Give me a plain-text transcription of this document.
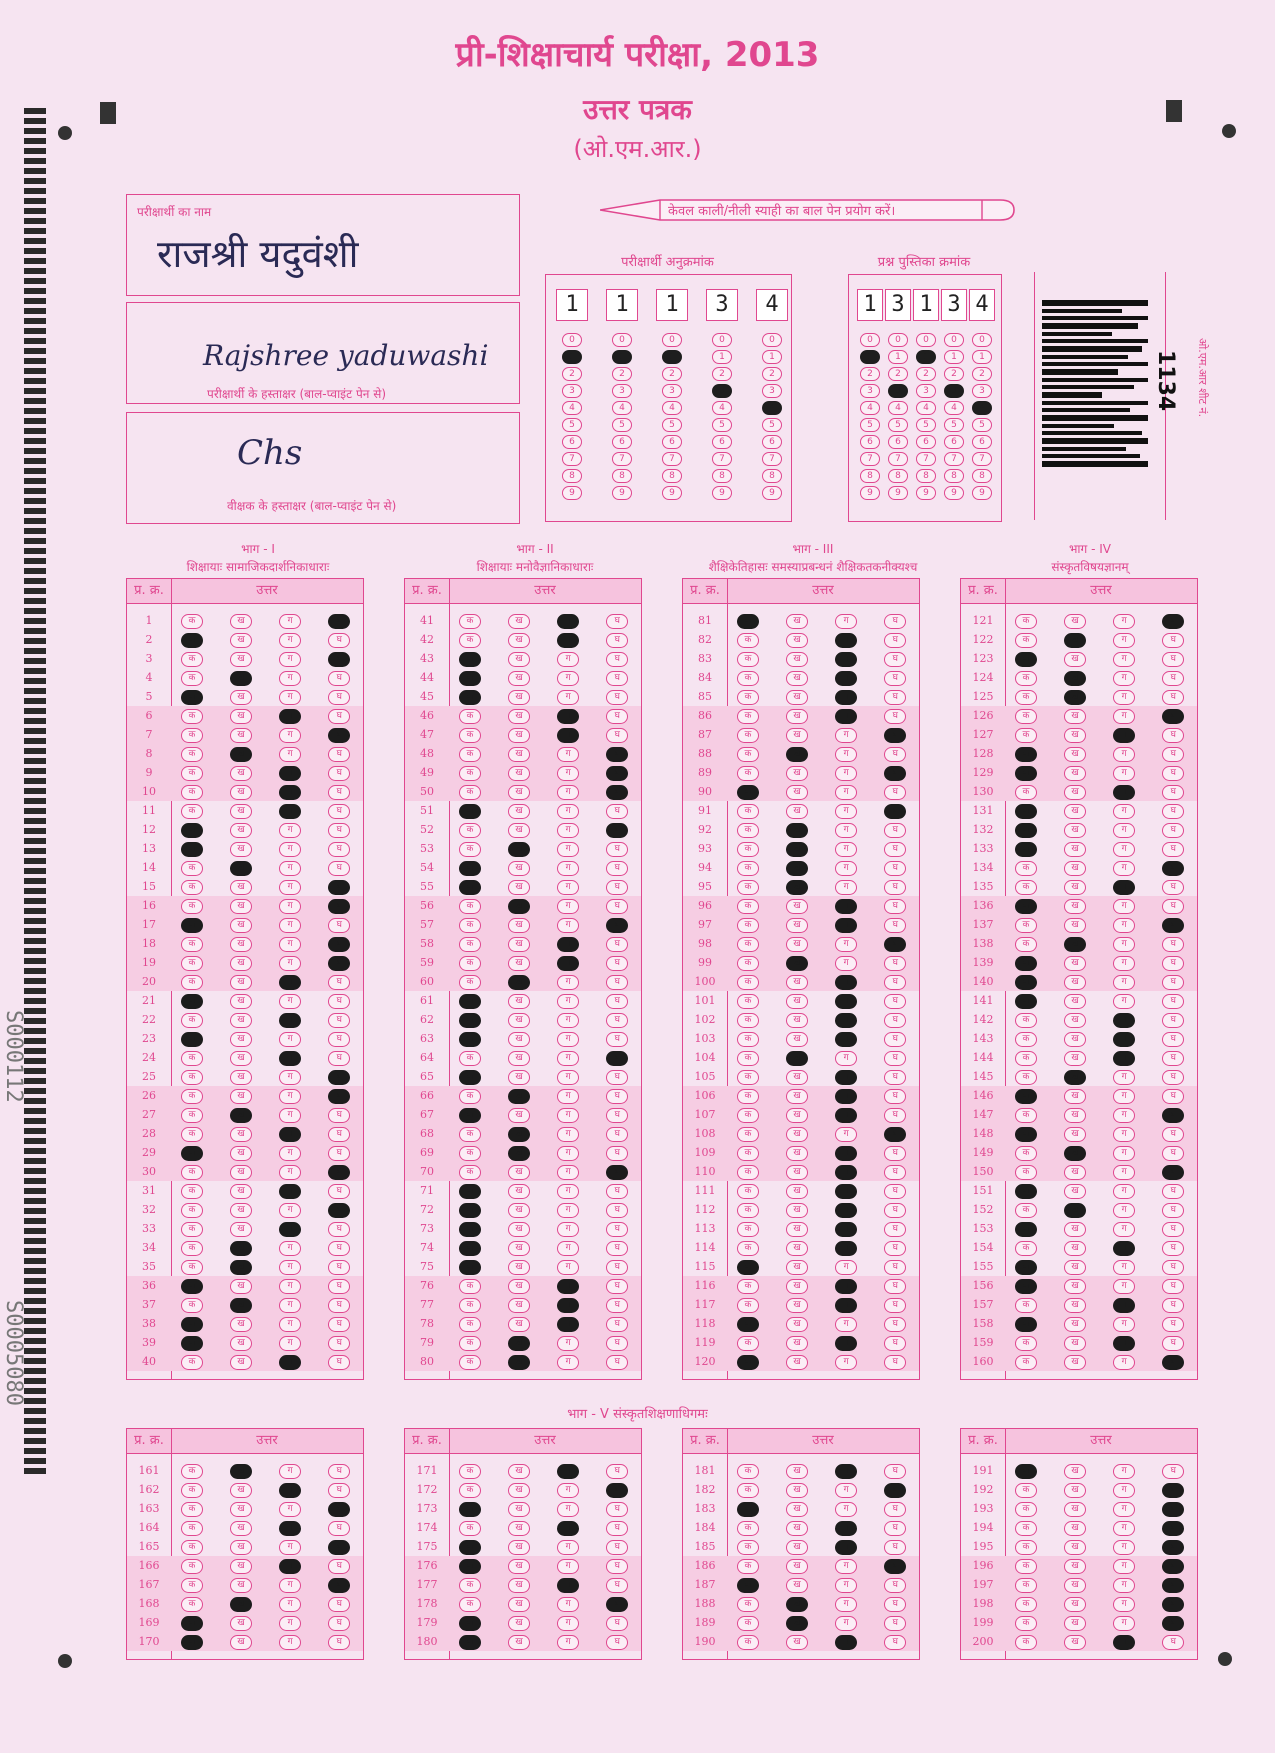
प्री-शिक्षाचार्य परीक्षा, 2013
उत्तर पत्रक
(ओ.एम.आर.)
S000112
S0005080
परीक्षार्थी का नाम
राजश्री यदुवंशी
Rajshree yaduwashi
परीक्षार्थी के हस्ताक्षर (बाल-प्वाइंट पेन से)
Chs
वीक्षक के हस्ताक्षर (बाल-प्वाइंट पेन से)
केवल काली/नीली स्याही का बाल पेन प्रयोग करें।
परीक्षार्थी अनुक्रमांक
1
0
1
2
3
4
5
6
7
8
9
1
0
1
2
3
4
5
6
7
8
9
1
0
1
2
3
4
5
6
7
8
9
3
0
1
2
3
4
5
6
7
8
9
4
0
1
2
3
4
5
6
7
8
9
प्रश्न पुस्तिका क्रमांक
1
0
1
2
3
4
5
6
7
8
9
3
0
1
2
3
4
5
6
7
8
9
1
0
1
2
3
4
5
6
7
8
9
3
0
1
2
3
4
5
6
7
8
9
4
0
1
2
3
4
5
6
7
8
9
1134 ओ.एम.आर शीट नं.
भाग - I
शिक्षायाः सामाजिकदार्शनिकाधाराः
भाग - II
शिक्षायाः मनोवैज्ञानिकाधाराः
भाग - III
शैक्षिकेतिहासः समस्याप्रबन्धनं शैक्षिकतकनीक्यश्च
भाग - IV
संस्कृतविषयज्ञानम्
प्र. क्र.	उत्तर
1	क	ख	ग	घ
2	क	ख	ग	घ
3	क	ख	ग	घ
4	क	ख	ग	घ
5	क	ख	ग	घ
6	क	ख	ग	घ
7	क	ख	ग	घ
8	क	ख	ग	घ
9	क	ख	ग	घ
10	क	ख	ग	घ
11	क	ख	ग	घ
12	क	ख	ग	घ
13	क	ख	ग	घ
14	क	ख	ग	घ
15	क	ख	ग	घ
16	क	ख	ग	घ
17	क	ख	ग	घ
18	क	ख	ग	घ
19	क	ख	ग	घ
20	क	ख	ग	घ
21	क	ख	ग	घ
22	क	ख	ग	घ
23	क	ख	ग	घ
24	क	ख	ग	घ
25	क	ख	ग	घ
26	क	ख	ग	घ
27	क	ख	ग	घ
28	क	ख	ग	घ
29	क	ख	ग	घ
30	क	ख	ग	घ
31	क	ख	ग	घ
32	क	ख	ग	घ
33	क	ख	ग	घ
34	क	ख	ग	घ
35	क	ख	ग	घ
36	क	ख	ग	घ
37	क	ख	ग	घ
38	क	ख	ग	घ
39	क	ख	ग	घ
40	क	ख	ग	घ
प्र. क्र.	उत्तर
41	क	ख	ग	घ
42	क	ख	ग	घ
43	क	ख	ग	घ
44	क	ख	ग	घ
45	क	ख	ग	घ
46	क	ख	ग	घ
47	क	ख	ग	घ
48	क	ख	ग	घ
49	क	ख	ग	घ
50	क	ख	ग	घ
51	क	ख	ग	घ
52	क	ख	ग	घ
53	क	ख	ग	घ
54	क	ख	ग	घ
55	क	ख	ग	घ
56	क	ख	ग	घ
57	क	ख	ग	घ
58	क	ख	ग	घ
59	क	ख	ग	घ
60	क	ख	ग	घ
61	क	ख	ग	घ
62	क	ख	ग	घ
63	क	ख	ग	घ
64	क	ख	ग	घ
65	क	ख	ग	घ
66	क	ख	ग	घ
67	क	ख	ग	घ
68	क	ख	ग	घ
69	क	ख	ग	घ
70	क	ख	ग	घ
71	क	ख	ग	घ
72	क	ख	ग	घ
73	क	ख	ग	घ
74	क	ख	ग	घ
75	क	ख	ग	घ
76	क	ख	ग	घ
77	क	ख	ग	घ
78	क	ख	ग	घ
79	क	ख	ग	घ
80	क	ख	ग	घ
प्र. क्र.	उत्तर
81	क	ख	ग	घ
82	क	ख	ग	घ
83	क	ख	ग	घ
84	क	ख	ग	घ
85	क	ख	ग	घ
86	क	ख	ग	घ
87	क	ख	ग	घ
88	क	ख	ग	घ
89	क	ख	ग	घ
90	क	ख	ग	घ
91	क	ख	ग	घ
92	क	ख	ग	घ
93	क	ख	ग	घ
94	क	ख	ग	घ
95	क	ख	ग	घ
96	क	ख	ग	घ
97	क	ख	ग	घ
98	क	ख	ग	घ
99	क	ख	ग	घ
100	क	ख	ग	घ
101	क	ख	ग	घ
102	क	ख	ग	घ
103	क	ख	ग	घ
104	क	ख	ग	घ
105	क	ख	ग	घ
106	क	ख	ग	घ
107	क	ख	ग	घ
108	क	ख	ग	घ
109	क	ख	ग	घ
110	क	ख	ग	घ
111	क	ख	ग	घ
112	क	ख	ग	घ
113	क	ख	ग	घ
114	क	ख	ग	घ
115	क	ख	ग	घ
116	क	ख	ग	घ
117	क	ख	ग	घ
118	क	ख	ग	घ
119	क	ख	ग	घ
120	क	ख	ग	घ
प्र. क्र.	उत्तर
121	क	ख	ग	घ
122	क	ख	ग	घ
123	क	ख	ग	घ
124	क	ख	ग	घ
125	क	ख	ग	घ
126	क	ख	ग	घ
127	क	ख	ग	घ
128	क	ख	ग	घ
129	क	ख	ग	घ
130	क	ख	ग	घ
131	क	ख	ग	घ
132	क	ख	ग	घ
133	क	ख	ग	घ
134	क	ख	ग	घ
135	क	ख	ग	घ
136	क	ख	ग	घ
137	क	ख	ग	घ
138	क	ख	ग	घ
139	क	ख	ग	घ
140	क	ख	ग	घ
141	क	ख	ग	घ
142	क	ख	ग	घ
143	क	ख	ग	घ
144	क	ख	ग	घ
145	क	ख	ग	घ
146	क	ख	ग	घ
147	क	ख	ग	घ
148	क	ख	ग	घ
149	क	ख	ग	घ
150	क	ख	ग	घ
151	क	ख	ग	घ
152	क	ख	ग	घ
153	क	ख	ग	घ
154	क	ख	ग	घ
155	क	ख	ग	घ
156	क	ख	ग	घ
157	क	ख	ग	घ
158	क	ख	ग	घ
159	क	ख	ग	घ
160	क	ख	ग	घ
प्र. क्र.	उत्तर
161	क	ख	ग	घ
162	क	ख	ग	घ
163	क	ख	ग	घ
164	क	ख	ग	घ
165	क	ख	ग	घ
166	क	ख	ग	घ
167	क	ख	ग	घ
168	क	ख	ग	घ
169	क	ख	ग	घ
170	क	ख	ग	घ
प्र. क्र.	उत्तर
171	क	ख	ग	घ
172	क	ख	ग	घ
173	क	ख	ग	घ
174	क	ख	ग	घ
175	क	ख	ग	घ
176	क	ख	ग	घ
177	क	ख	ग	घ
178	क	ख	ग	घ
179	क	ख	ग	घ
180	क	ख	ग	घ
प्र. क्र.	उत्तर
181	क	ख	ग	घ
182	क	ख	ग	घ
183	क	ख	ग	घ
184	क	ख	ग	घ
185	क	ख	ग	घ
186	क	ख	ग	घ
187	क	ख	ग	घ
188	क	ख	ग	घ
189	क	ख	ग	घ
190	क	ख	ग	घ
प्र. क्र.	उत्तर
191	क	ख	ग	घ
192	क	ख	ग	घ
193	क	ख	ग	घ
194	क	ख	ग	घ
195	क	ख	ग	घ
196	क	ख	ग	घ
197	क	ख	ग	घ
198	क	ख	ग	घ
199	क	ख	ग	घ
200	क	ख	ग	घ
भाग - V संस्कृतशिक्षणाधिगमः
